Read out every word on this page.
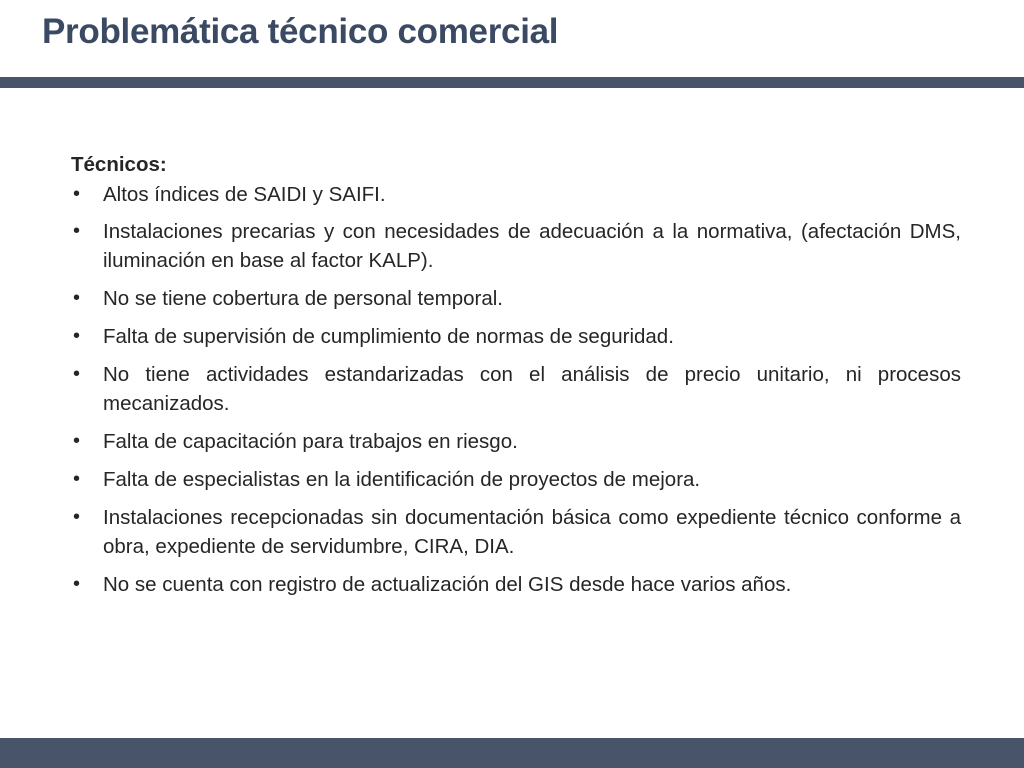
Problemática técnico comercial
Técnicos:
• Altos índices de SAIDI y SAIFI.
• Instalaciones precarias y con necesidades de adecuación a la normativa, (afectación DMS, iluminación en base al factor KALP).
• No se tiene cobertura de personal temporal.
• Falta de supervisión de cumplimiento de normas de seguridad.
• No tiene actividades estandarizadas con el análisis de precio unitario, ni procesos mecanizados.
• Falta de capacitación para trabajos en riesgo.
• Falta de especialistas en la identificación de proyectos de mejora.
• Instalaciones recepcionadas sin documentación básica como expediente técnico conforme a obra, expediente de servidumbre, CIRA, DIA.
• No se cuenta con registro de actualización del GIS desde hace varios años.
